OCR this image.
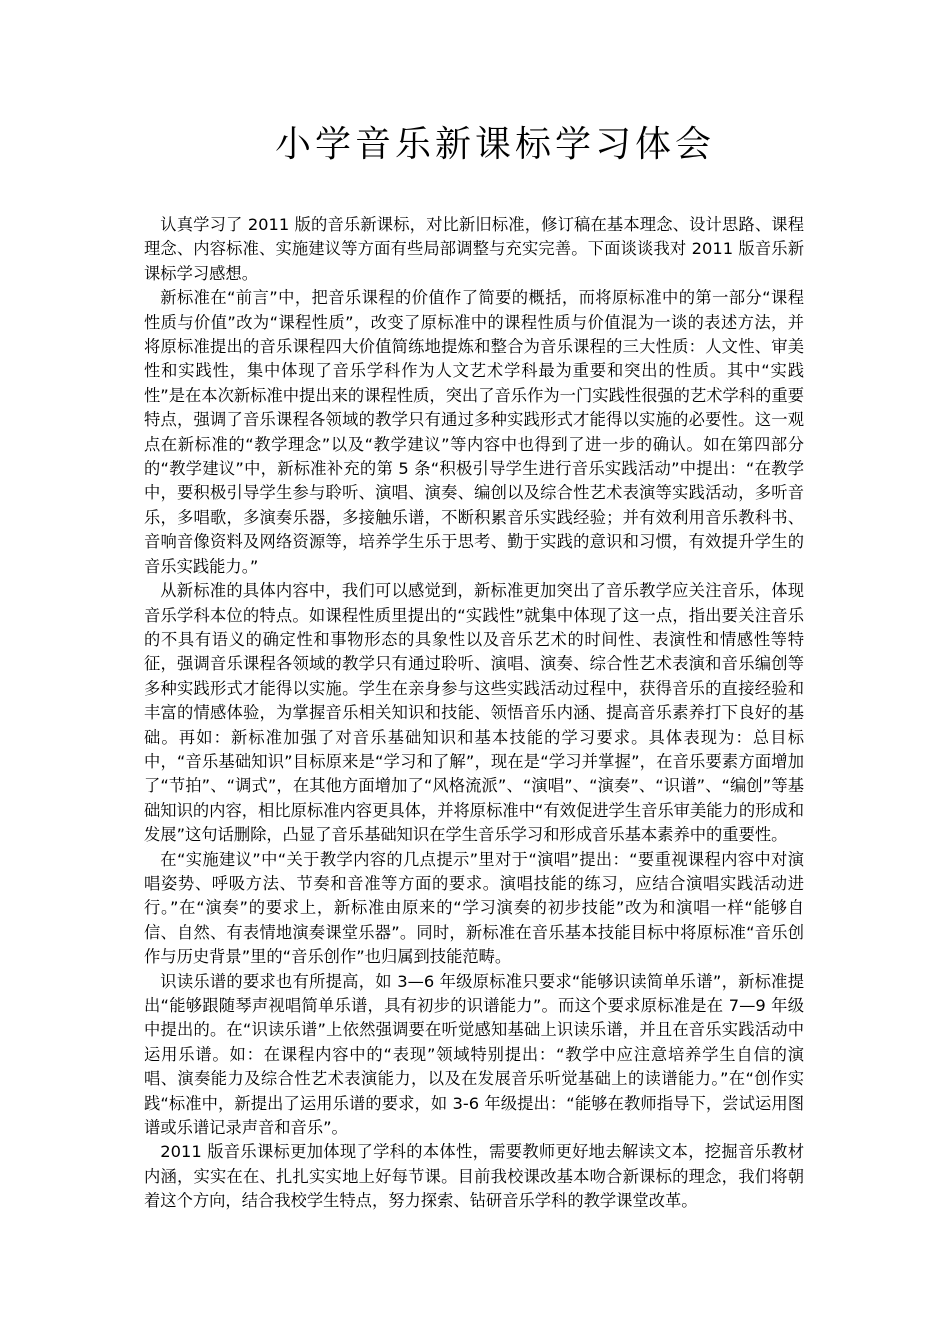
小学音乐新课标学习体会

认真学习了 2011 版的音乐新课标，对比新旧标准，修订稿在基本理念、设计思路、课程理念、内容标准、实施建议等方面有些局部调整与充实完善。下面谈谈我对 2011 版音乐新课标学习感想。

新标准在“前言”中，把音乐课程的价值作了简要的概括，而将原标准中的第一部分“课程性质与价值”改为“课程性质”，改变了原标准中的课程性质与价值混为一谈的表述方法，并将原标准提出的音乐课程四大价值简练地提炼和整合为音乐课程的三大性质：人文性、审美性和实践性，集中体现了音乐学科作为人文艺术学科最为重要和突出的性质。其中“实践性”是在本次新标准中提出来的课程性质，突出了音乐作为一门实践性很强的艺术学科的重要特点，强调了音乐课程各领域的教学只有通过多种实践形式才能得以实施的必要性。这一观点在新标准的“教学理念”以及“教学建议”等内容中也得到了进一步的确认。如在第四部分的“教学建议”中，新标准补充的第 5 条“积极引导学生进行音乐实践活动”中提出：“在教学中，要积极引导学生参与聆听、演唱、演奏、编创以及综合性艺术表演等实践活动，多听音乐，多唱歌，多演奏乐器，多接触乐谱，不断积累音乐实践经验；并有效利用音乐教科书、音响音像资料及网络资源等，培养学生乐于思考、勤于实践的意识和习惯，有效提升学生的音乐实践能力。”

从新标准的具体内容中，我们可以感觉到，新标准更加突出了音乐教学应关注音乐，体现音乐学科本位的特点。如课程性质里提出的“实践性”就集中体现了这一点，指出要关注音乐的不具有语义的确定性和事物形态的具象性以及音乐艺术的时间性、表演性和情感性等特征，强调音乐课程各领域的教学只有通过聆听、演唱、演奏、综合性艺术表演和音乐编创等多种实践形式才能得以实施。学生在亲身参与这些实践活动过程中，获得音乐的直接经验和丰富的情感体验，为掌握音乐相关知识和技能、领悟音乐内涵、提高音乐素养打下良好的基础。再如：新标准加强了对音乐基础知识和基本技能的学习要求。具体表现为：总目标中，“音乐基础知识”目标原来是“学习和了解”，现在是“学习并掌握”，在音乐要素方面增加了“节拍”、“调式”，在其他方面增加了“风格流派”、“演唱”、“演奏”、“识谱”、“编创”等基础知识的内容，相比原标准内容更具体，并将原标准中“有效促进学生音乐审美能力的形成和发展”这句话删除，凸显了音乐基础知识在学生音乐学习和形成音乐基本素养中的重要性。

在“实施建议”中“关于教学内容的几点提示”里对于“演唱”提出：“要重视课程内容中对演唱姿势、呼吸方法、节奏和音准等方面的要求。演唱技能的练习，应结合演唱实践活动进行。”在“演奏”的要求上，新标准由原来的“学习演奏的初步技能”改为和演唱一样“能够自信、自然、有表情地演奏课堂乐器”。同时，新标准在音乐基本技能目标中将原标准“音乐创作与历史背景”里的“音乐创作”也归属到技能范畴。

识读乐谱的要求也有所提高，如 3—6 年级原标准只要求“能够识读简单乐谱”，新标准提出“能够跟随琴声视唱简单乐谱，具有初步的识谱能力”。而这个要求原标准是在 7—9 年级中提出的。在“识读乐谱”上依然强调要在听觉感知基础上识读乐谱，并且在音乐实践活动中运用乐谱。如：在课程内容中的“表现”领域特别提出：“教学中应注意培养学生自信的演唱、演奏能力及综合性艺术表演能力，以及在发展音乐听觉基础上的读谱能力。”在“创作实践“标准中，新提出了运用乐谱的要求，如 3-6 年级提出：“能够在教师指导下，尝试运用图谱或乐谱记录声音和音乐”。

2011 版音乐课标更加体现了学科的本体性，需要教师更好地去解读文本，挖掘音乐教材内涵，实实在在、扎扎实实地上好每节课。目前我校课改基本吻合新课标的理念，我们将朝着这个方向，结合我校学生特点，努力探索、钻研音乐学科的教学课堂改革。
